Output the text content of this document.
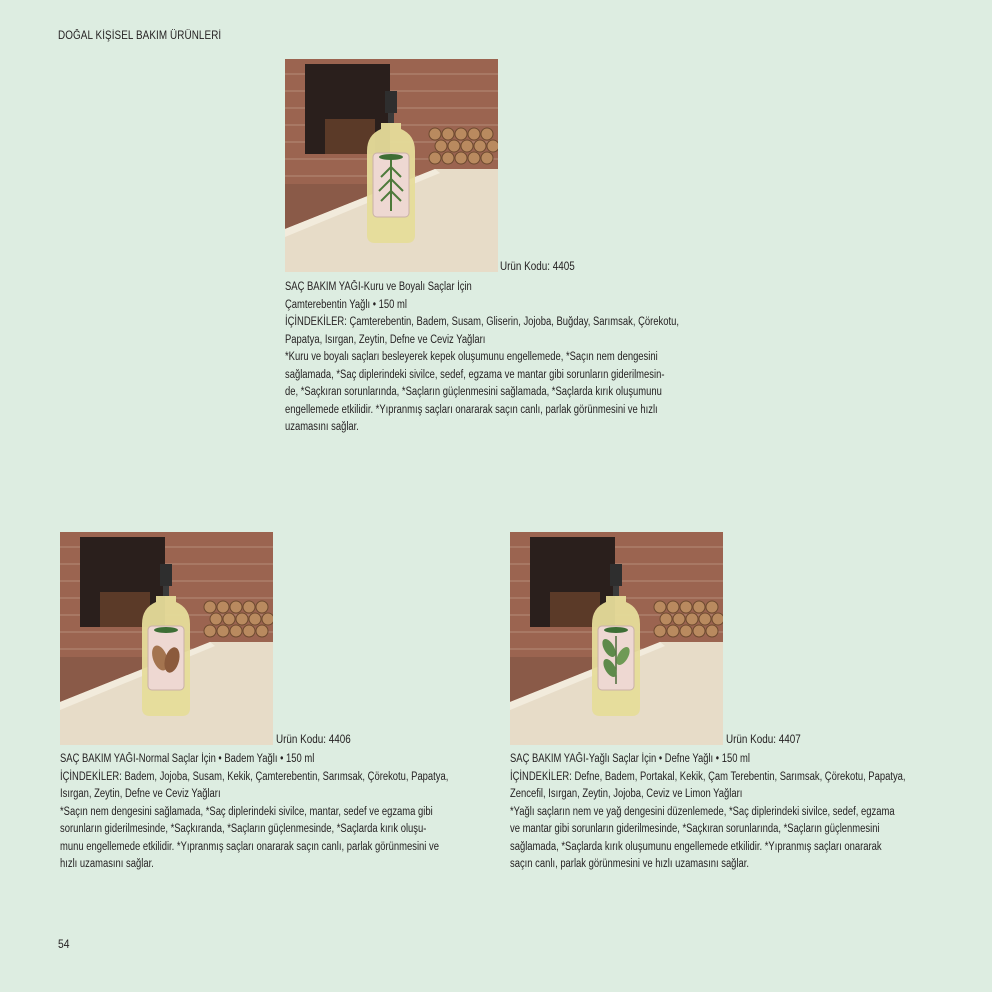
DOĞAL KİŞİSEL BAKIM ÜRÜNLERİ
Ürün Kodu: 4405
SAÇ BAKIM YAĞI-Kuru ve Boyalı Saçlar İçin
Çamterebentin Yağlı • 150 ml
İÇİNDEKİLER: Çamterebentin, Badem, Susam, Gliserin, Jojoba, Buğday, Sarımsak, Çörekotu,
Papatya, Isırgan, Zeytin, Defne ve Ceviz Yağları
*Kuru ve boyalı saçları besleyerek kepek oluşumunu engellemede, *Saçın nem dengesini
sağlamada, *Saç diplerindeki sivilce, sedef, egzama ve mantar gibi sorunların giderilmesin-
de, *Saçkıran sorunlarında, *Saçların güçlenmesini sağlamada, *Saçlarda kırık oluşumunu
engellemede etkilidir. *Yıpranmış saçları onararak saçın canlı, parlak görünmesini ve hızlı
uzamasını sağlar.
Ürün Kodu: 4406
SAÇ BAKIM YAĞI-Normal Saçlar İçin • Badem Yağlı • 150 ml
İÇİNDEKİLER: Badem, Jojoba, Susam, Kekik, Çamterebentin, Sarımsak, Çörekotu, Papatya,
Isırgan, Zeytin, Defne ve Ceviz Yağları
*Saçın nem dengesini sağlamada, *Saç diplerindeki sivilce, mantar, sedef ve egzama gibi
sorunların giderilmesinde, *Saçkıranda, *Saçların güçlenmesinde, *Saçlarda kırık oluşu-
munu engellemede etkilidir. *Yıpranmış saçları onararak saçın canlı, parlak görünmesini ve
hızlı uzamasını sağlar.
Ürün Kodu: 4407
SAÇ BAKIM YAĞI-Yağlı Saçlar İçin • Defne Yağlı • 150 ml
İÇİNDEKİLER: Defne, Badem, Portakal, Kekik, Çam Terebentin, Sarımsak, Çörekotu, Papatya,
Zencefil, Isırgan, Zeytin, Jojoba, Ceviz ve Limon Yağları
*Yağlı saçların nem ve yağ dengesini düzenlemede, *Saç diplerindeki sivilce, sedef, egzama
ve mantar gibi sorunların giderilmesinde, *Saçkıran sorunlarında, *Saçların güçlenmesini
sağlamada, *Saçlarda kırık oluşumunu engellemede etkilidir. *Yıpranmış saçları onararak
saçın canlı, parlak görünmesini ve hızlı uzamasını sağlar.
54
